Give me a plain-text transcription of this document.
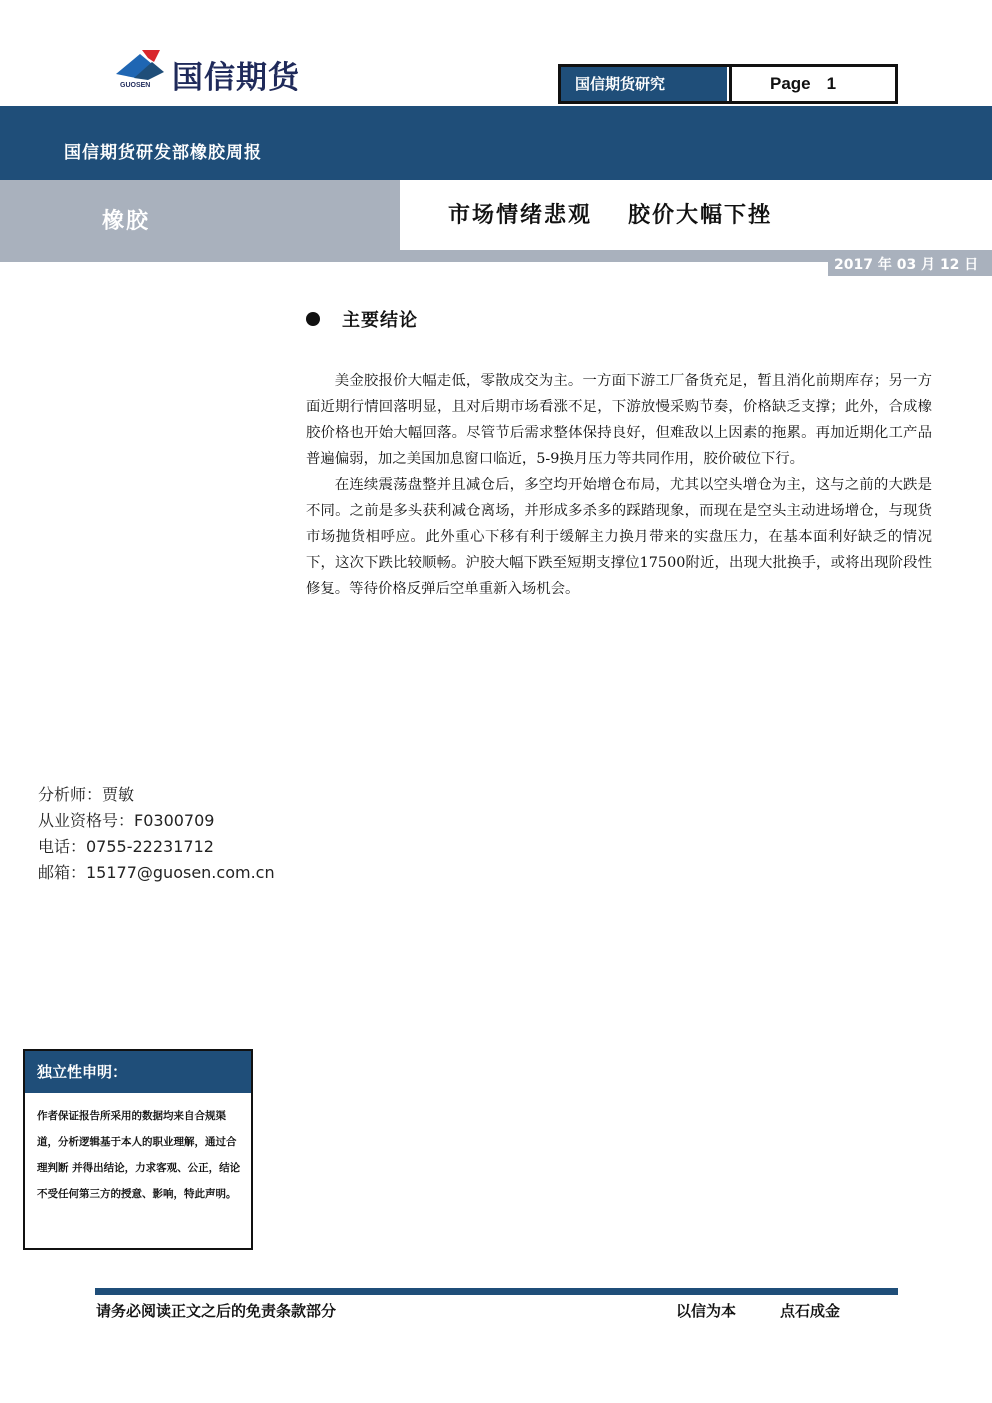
国信期货
GUOSEN	国信期货研究	Page 1
国信期货研发部橡胶周报
橡胶	市场情绪悲观 胶价大幅下挫
2017 年 03 月 12 日
主要结论

美金胶报价大幅走低，零散成交为主。一方面下游工厂备货充足，暂且消化前期库存；另一方面近期行情回落明显，且对后期市场看涨不足，下游放慢采购节奏，价格缺乏支撑；此外，合成橡胶价格也开始大幅回落。尽管节后需求整体保持良好，但难敌以上因素的拖累。再加近期化工产品普遍偏弱，加之美国加息窗口临近，5-9换月压力等共同作用，胶价破位下行。

在连续震荡盘整并且减仓后，多空均开始增仓布局，尤其以空头增仓为主，这与之前的大跌是不同。之前是多头获利减仓离场，并形成多杀多的踩踏现象，而现在是空头主动进场增仓，与现货市场抛货相呼应。此外重心下移有利于缓解主力换月带来的实盘压力，在基本面利好缺乏的情况下，这次下跌比较顺畅。沪胶大幅下跌至短期支撑位17500附近，出现大批换手，或将出现阶段性修复。等待价格反弹后空单重新入场机会。

分析师：贾敏
从业资格号：F0300709
电话：0755-22231712
邮箱：15177@guosen.com.cn
独立性申明：
作者保证报告所采用的数据均来自合规渠道，分析逻辑基于本人的职业理解，通过合理判断 并得出结论，力求客观、公正，结论不受任何第三方的授意、影响，特此声明。
请务必阅读正文之后的免责条款部分	以信为本	点石成金
